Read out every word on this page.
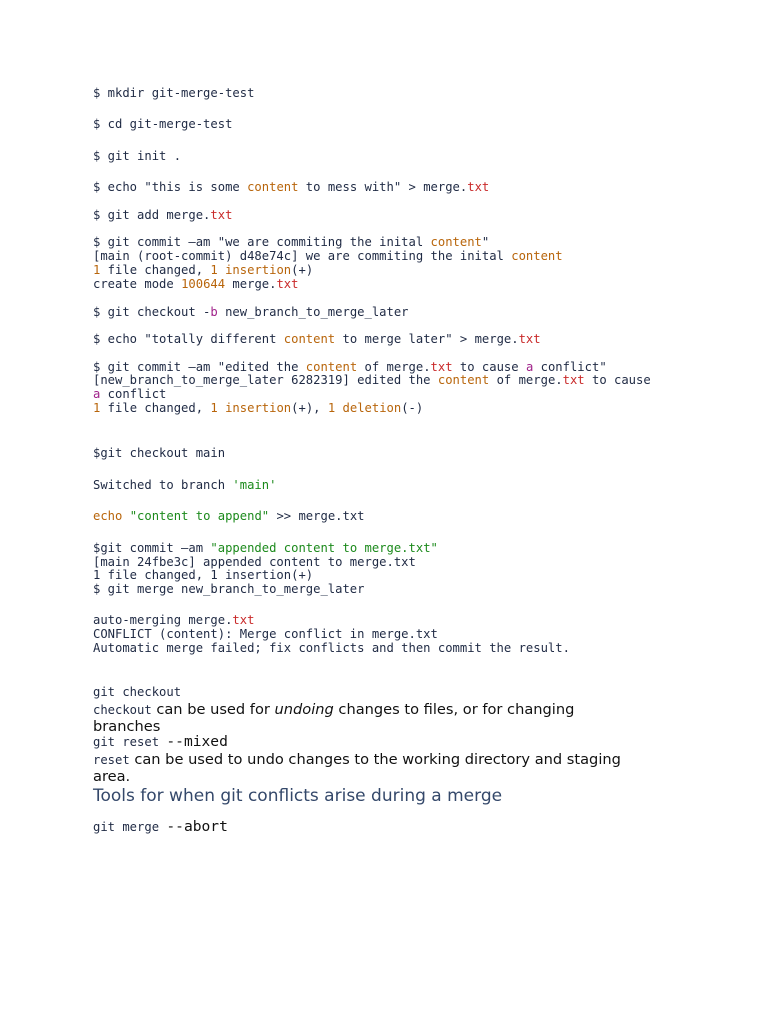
$ mkdir git-merge-test
$ cd git-merge-test
$ git init .
$ echo "this is some content to mess with" > merge.txt
$ git add merge.txt
$ git commit –am "we are commiting the inital content"
[main (root-commit) d48e74c] we are commiting the inital content
1 file changed, 1 insertion(+)
create mode 100644 merge.txt
$ git checkout -b new_branch_to_merge_later
$ echo "totally different content to merge later" > merge.txt
$ git commit –am "edited the content of merge.txt to cause a conflict"
[new_branch_to_merge_later 6282319] edited the content of merge.txt to cause
a conflict
1 file changed, 1 insertion(+), 1 deletion(-)
$git checkout main
Switched to branch 'main'
echo "content to append" >> merge.txt
$git commit –am "appended content to merge.txt"
[main 24fbe3c] appended content to merge.txt
1 file changed, 1 insertion(+)
$ git merge new_branch_to_merge_later
auto-merging merge.txt
CONFLICT (content): Merge conflict in merge.txt
Automatic merge failed; fix conflicts and then commit the result.
git checkout
checkout can be used for undoing changes to files, or for changing
branches
git reset --mixed
reset can be used to undo changes to the working directory and staging
area.
Tools for when git conflicts arise during a merge
git merge --abort
